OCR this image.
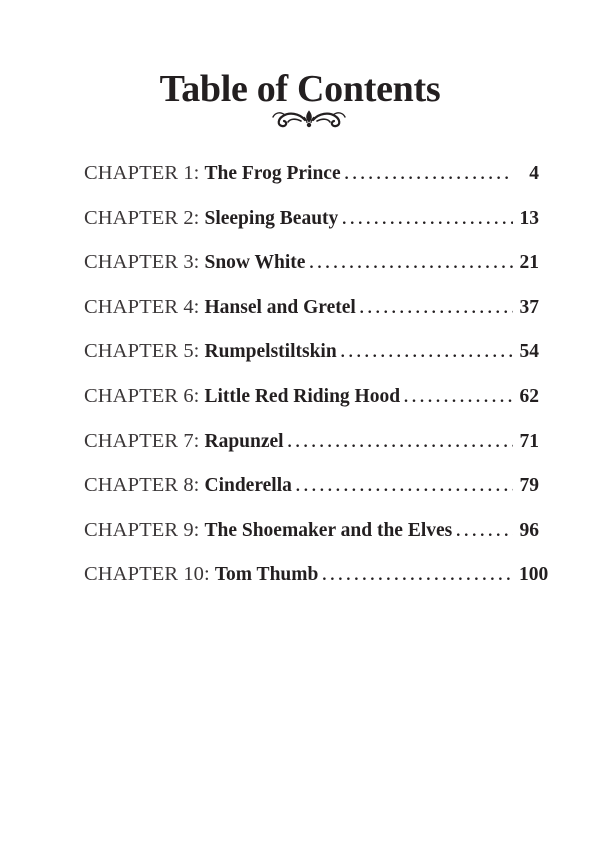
Table of Contents
CHAPTER 1: The Frog Prince . . .	4
CHAPTER 2: Sleeping Beauty . . .	13
CHAPTER 3: Snow White . . .	21
CHAPTER 4: Hansel and Gretel . . .	37
CHAPTER 5: Rumpelstiltskin . . .	54
CHAPTER 6: Little Red Riding Hood . . .	62
CHAPTER 7: Rapunzel . . .	71
CHAPTER 8: Cinderella . . .	79
CHAPTER 9: The Shoemaker and the Elves . . .	96
CHAPTER 10: Tom Thumb . . .	100
